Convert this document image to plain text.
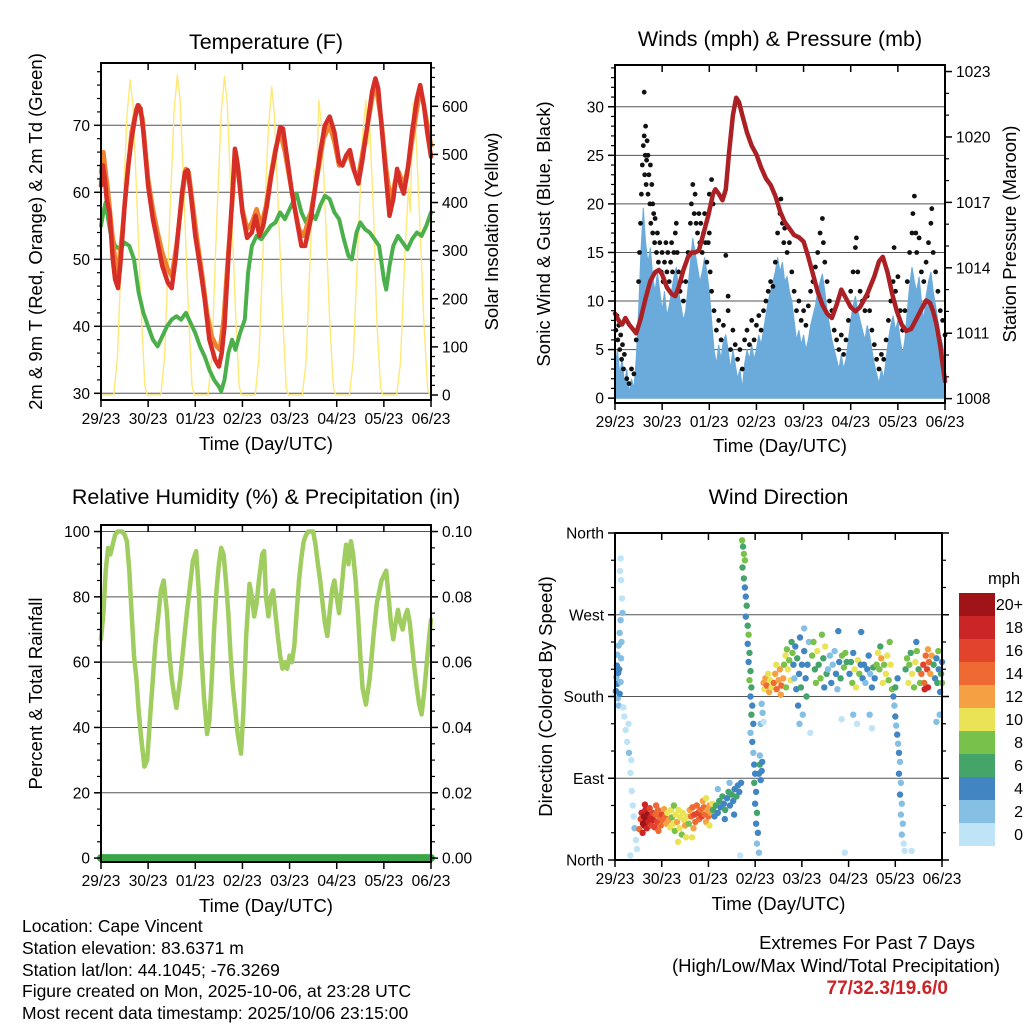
29/23 30/23 01/23 02/23 03/23 04/23 05/23 06/23
30
40
50
60
70
0
100
200
300
400
500
600
Temperature (F)
Time (Day/UTC)
2m & 9m T (Red, Orange) & 2m Td (Green)	Solar Insolation (Yellow)
29/23 30/23 01/23 02/23 03/23 04/23 05/23 06/23
0
5
10
15
20
25
30
1008
1011
1014
1017
1020
1023
Winds (mph) & Pressure (mb)
Time (Day/UTC)
Sonic Wind & Gust (Blue, Black)	Station Pressure (Maroon)
29/23 30/23 01/23 02/23 03/23 04/23 05/23 06/23
0
20
40
60
80
100
0.00
0.02
0.04
0.06
0.08
0.10
Relative Humidity (%) & Precipitation (in)
Time (Day/UTC)
Percent & Total Rainfall
29/23 30/23 01/23 02/23 03/23 04/23 05/23 06/23
North
West
South
East
North
Wind Direction
Time (Day/UTC)
Direction (Colored By Speed)	mph
20+
18
16
14
12
10
8
6
4
2
0
Location: Cape Vincent
Station elevation: 83.6371 m
Station lat/lon: 44.1045; -76.3269
Figure created on Mon, 2025-10-06, at 23:28 UTC
Most recent data timestamp: 2025/10/06 23:15:00
Extremes For Past 7 Days
(High/Low/Max Wind/Total Precipitation)
77/32.3/19.6/0
